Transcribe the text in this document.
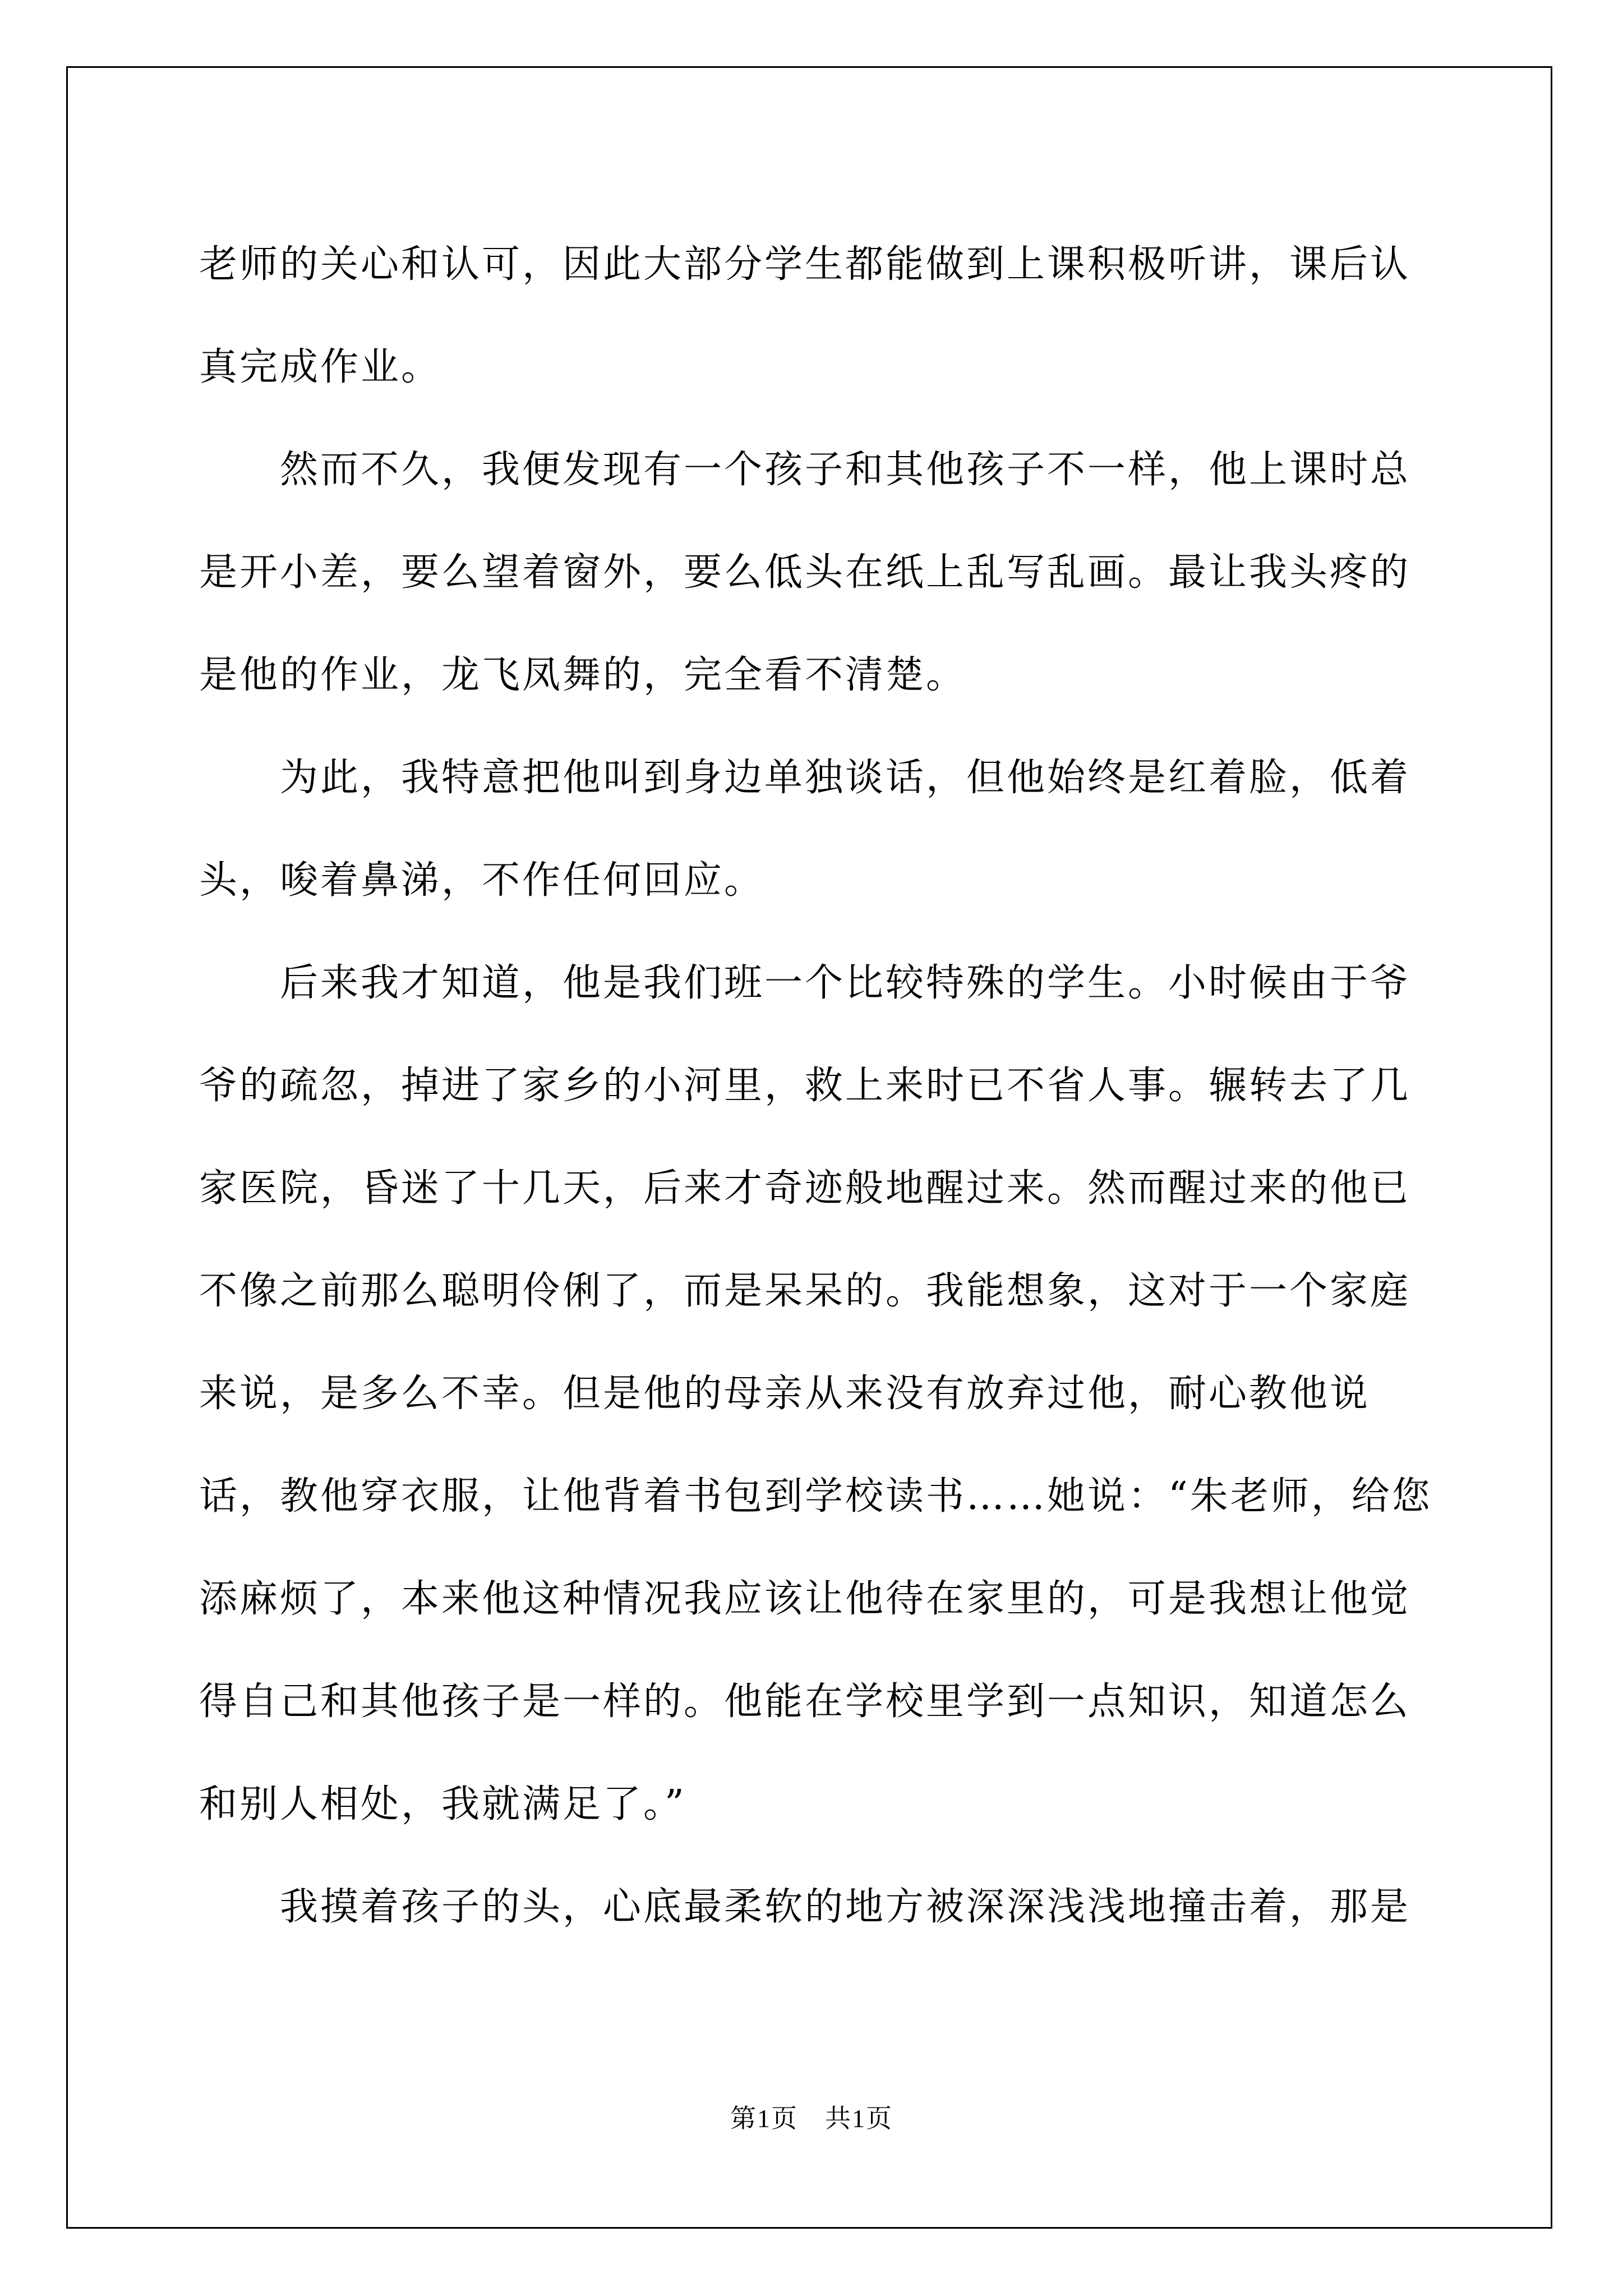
老师的关心和认可，因此大部分学生都能做到上课积极听讲，课后认真完成作业。

然而不久，我便发现有一个孩子和其他孩子不一样，他上课时总是开小差，要么望着窗外，要么低头在纸上乱写乱画。最让我头疼的是他的作业，龙飞凤舞的，完全看不清楚。

为此，我特意把他叫到身边单独谈话，但他始终是红着脸，低着头，唆着鼻涕，不作任何回应。

后来我才知道，他是我们班一个比较特殊的学生。小时候由于爷爷的疏忽，掉进了家乡的小河里，救上来时已不省人事。辗转去了几家医院，昏迷了十几天，后来才奇迹般地醒过来。然而醒过来的他已不像之前那么聪明伶俐了，而是呆呆的。我能想象，这对于一个家庭来说，是多么不幸。但是他的母亲从来没有放弃过他，耐心教他说话，教他穿衣服，让他背着书包到学校读书……她说：“朱老师，给您添麻烦了，本来他这种情况我应该让他待在家里的，可是我想让他觉得自己和其他孩子是一样的。他能在学校里学到一点知识，知道怎么和别人相处，我就满足了。”

我摸着孩子的头，心底最柔软的地方被深深浅浅地撞击着，那是

第1页 共1页
